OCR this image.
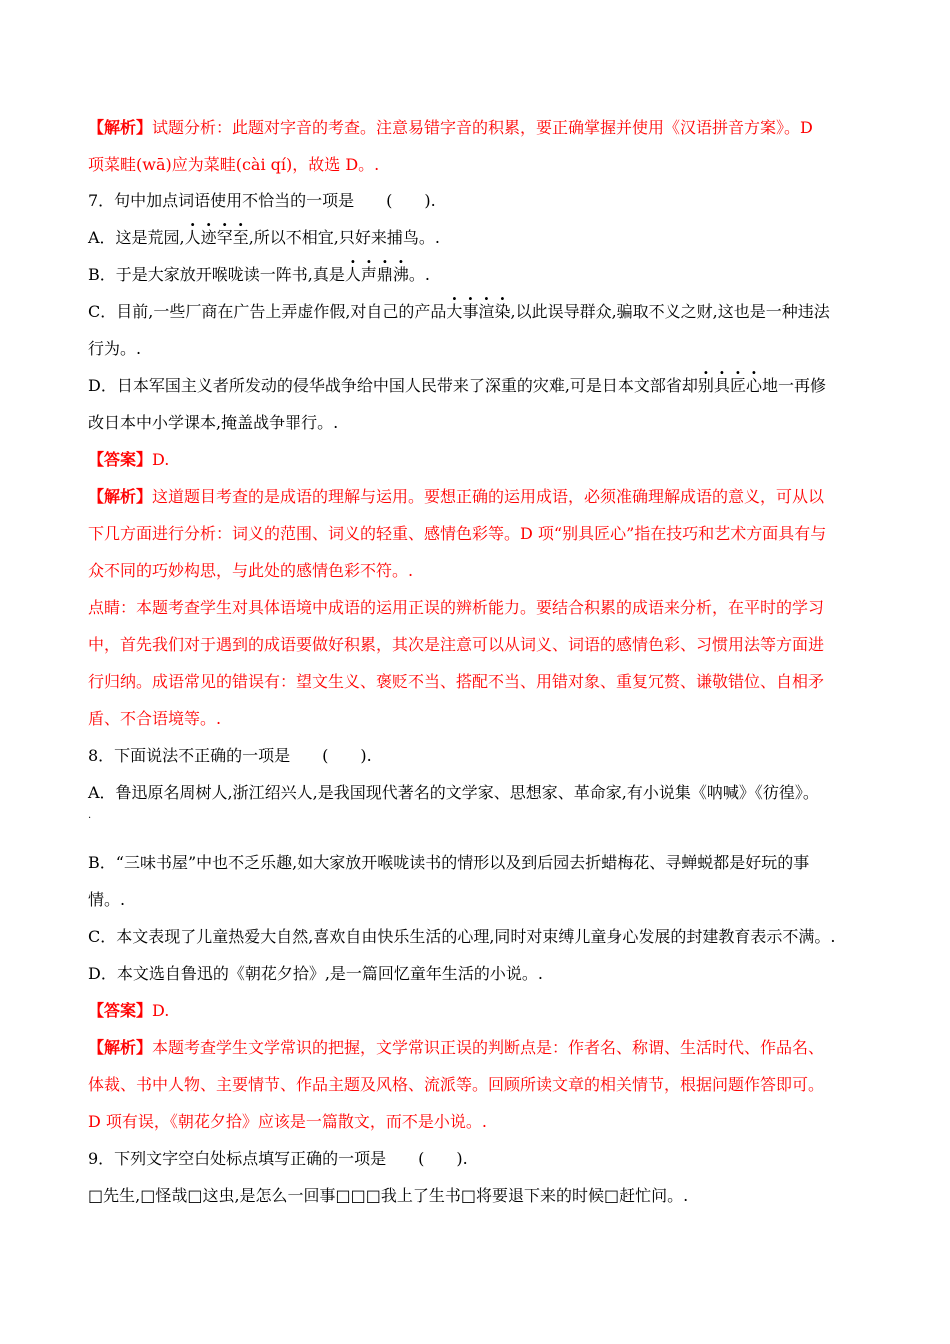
【解析】试题分析：此题对字音的考查。注意易错字音的积累，要正确掌握并使用《汉语拼音方案》。D
项菜畦(wā)应为菜畦(cài qí)，故选 D。.
7．句中加点词语使用不恰当的一项是　　(　　).
A．这是荒园,人迹罕至,所以不相宜,只好来捕鸟。.
B．于是大家放开喉咙读一阵书,真是人声鼎沸。.
C．目前,一些厂商在广告上弄虚作假,对自己的产品大事渲染,以此误导群众,骗取不义之财,这也是一种违法
行为。.
D．日本军国主义者所发动的侵华战争给中国人民带来了深重的灾难,可是日本文部省却别具匠心地一再修
改日本中小学课本,掩盖战争罪行。.
【答案】D.
【解析】这道题目考查的是成语的理解与运用。要想正确的运用成语，必须准确理解成语的意义，可从以
下几方面进行分析：词义的范围、词义的轻重、感情色彩等。D 项“别具匠心”指在技巧和艺术方面具有与
众不同的巧妙构思，与此处的感情色彩不符。.
点睛：本题考查学生对具体语境中成语的运用正误的辨析能力。要结合积累的成语来分析，在平时的学习
中，首先我们对于遇到的成语要做好积累，其次是注意可以从词义、词语的感情色彩、习惯用法等方面进
行归纳。成语常见的错误有：望文生义、褒贬不当、搭配不当、用错对象、重复冗赘、谦敬错位、自相矛
盾、不合语境等。.
8．下面说法不正确的一项是　　(　　).
A．鲁迅原名周树人,浙江绍兴人,是我国现代著名的文学家、思想家、革命家,有小说集《呐喊》《彷徨》。
.
B．“三味书屋”中也不乏乐趣,如大家放开喉咙读书的情形以及到后园去折蜡梅花、寻蝉蜕都是好玩的事
情。.
C．本文表现了儿童热爱大自然,喜欢自由快乐生活的心理,同时对束缚儿童身心发展的封建教育表示不满。.
D．本文选自鲁迅的《朝花夕拾》,是一篇回忆童年生活的小说。.
【答案】D.
【解析】本题考查学生文学常识的把握，文学常识正误的判断点是：作者名、称谓、生活时代、作品名、
体裁、书中人物、主要情节、作品主题及风格、流派等。回顾所读文章的相关情节，根据问题作答即可。
D 项有误，《朝花夕拾》应该是一篇散文，而不是小说。.
9．下列文字空白处标点填写正确的一项是　　(　　).
□先生,□怪哉□这虫,是怎么一回事□□□我上了生书□将要退下来的时候□赶忙问。.
